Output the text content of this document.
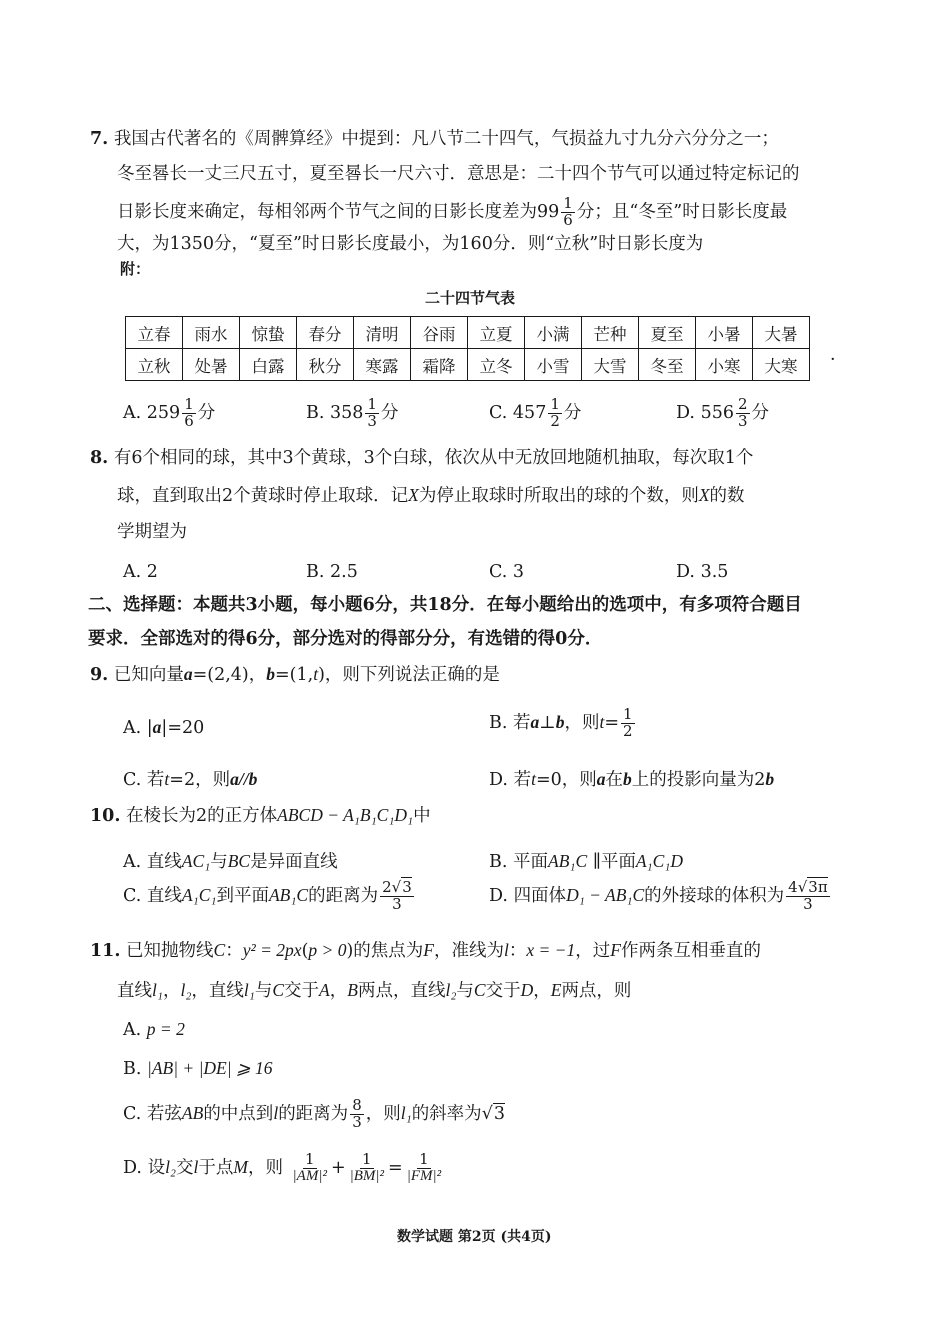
7. 我国古代著名的《周髀算经》中提到：凡八节二十四气，气损益九寸九分六分分之一；
冬至晷长一丈三尺五寸，夏至晷长一尺六寸．意思是：二十四个节气可以通过特定标记的
日影长度来确定，每相邻两个节气之间的日影长度差为$99 \frac{1}{6}$ 分；且“冬至”时日影长度最
大，为1350分，“夏至”时日影长度最小，为160分．则“立秋”时日影长度为
附：
二十四节气表
立春	雨水	惊蛰	春分	清明	谷雨	立夏	小满	芒种	夏至	小暑	大暑
立秋	处暑	白露	秋分	寒露	霜降	立冬	小雪	大雪	冬至	小寒	大寒 ·
A. $259 \frac{1}{6}$ 分	B. $358 \frac{1}{3}$ 分	C. $457 \frac{1}{2}$ 分	D. $556 \frac{2}{3}$ 分
8. 有6个相同的球，其中3个黄球，3个白球，依次从中无放回地随机抽取，每次取1个
球，直到取出2个黄球时停止取球．记X为停止取球时所取出的球的个数，则X的数
学期望为
A. 2	B. 2.5	C. 3	D. 3.5
二、选择题：本题共3小题，每小题6分，共18分．在每小题给出的选项中，有多项符合题目
要求．全部选对的得6分，部分选对的得部分分，有选错的得0分．
9. 已知向量a=(2,4)，b=(1,t)，则下列说法正确的是
A. |a|=20	B. 若a⊥b，则$t= \frac{1}{2}$
C. 若t=2，则a//b	D. 若t=0，则a在b上的投影向量为2b
10. 在棱长为2的正方体ABCD − A₁B₁C₁D₁中
A. 直线AC₁与BC是异面直线	B. 平面AB₁C ∥平面A₁C₁D
C. 直线A₁C₁到平面AB₁C的距离为 $\frac{2√3}{3}$	D. 四面体D₁ − AB₁C的外接球的体积为 $\frac{4√3\pi}{3}$
11. 已知抛物线C：y² = 2px(p > 0)的焦点为F，准线为l：x = −1，过F作两条互相垂直的
直线l₁，l₂，直线l₁与C交于A，B两点，直线l₂与C交于D，E两点，则
A. p = 2
B. |AB| + |DE| ⩾ 16
C. 若弦AB的中点到l的距离为 $\frac{8}{3}$ ，则l₁的斜率为√3
D. 设l₂交l于点M，则 $\frac{1}{\text{|AM|²}} + \frac{1}{\text{|BM|²}} = \frac{1}{\text{|FM|²}}$
数学试题 第2页 (共4页)
